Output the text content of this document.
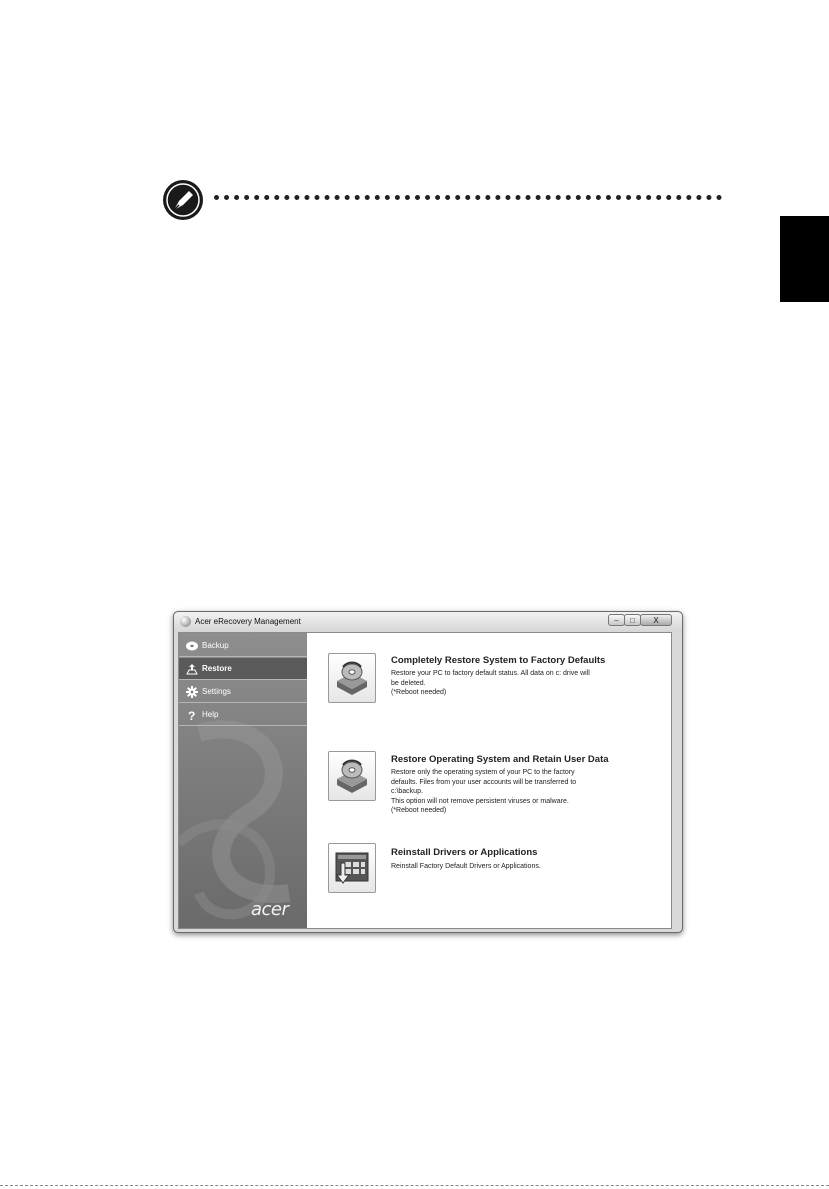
Acer eRecovery Management	–	□	X
Backup
Restore
Settings
? Help
acer
Completely Restore System to Factory Defaults
Restore your PC to factory default status. All data on c: drive will
be deleted.
(*Reboot needed)
Restore Operating System and Retain User Data
Restore only the operating system of your PC to the factory
defaults. Files from your user accounts will be transferred to
c:\backup.
This option will not remove persistent viruses or malware.
(*Reboot needed)
Reinstall Drivers or Applications
Reinstall Factory Default Drivers or Applications.
